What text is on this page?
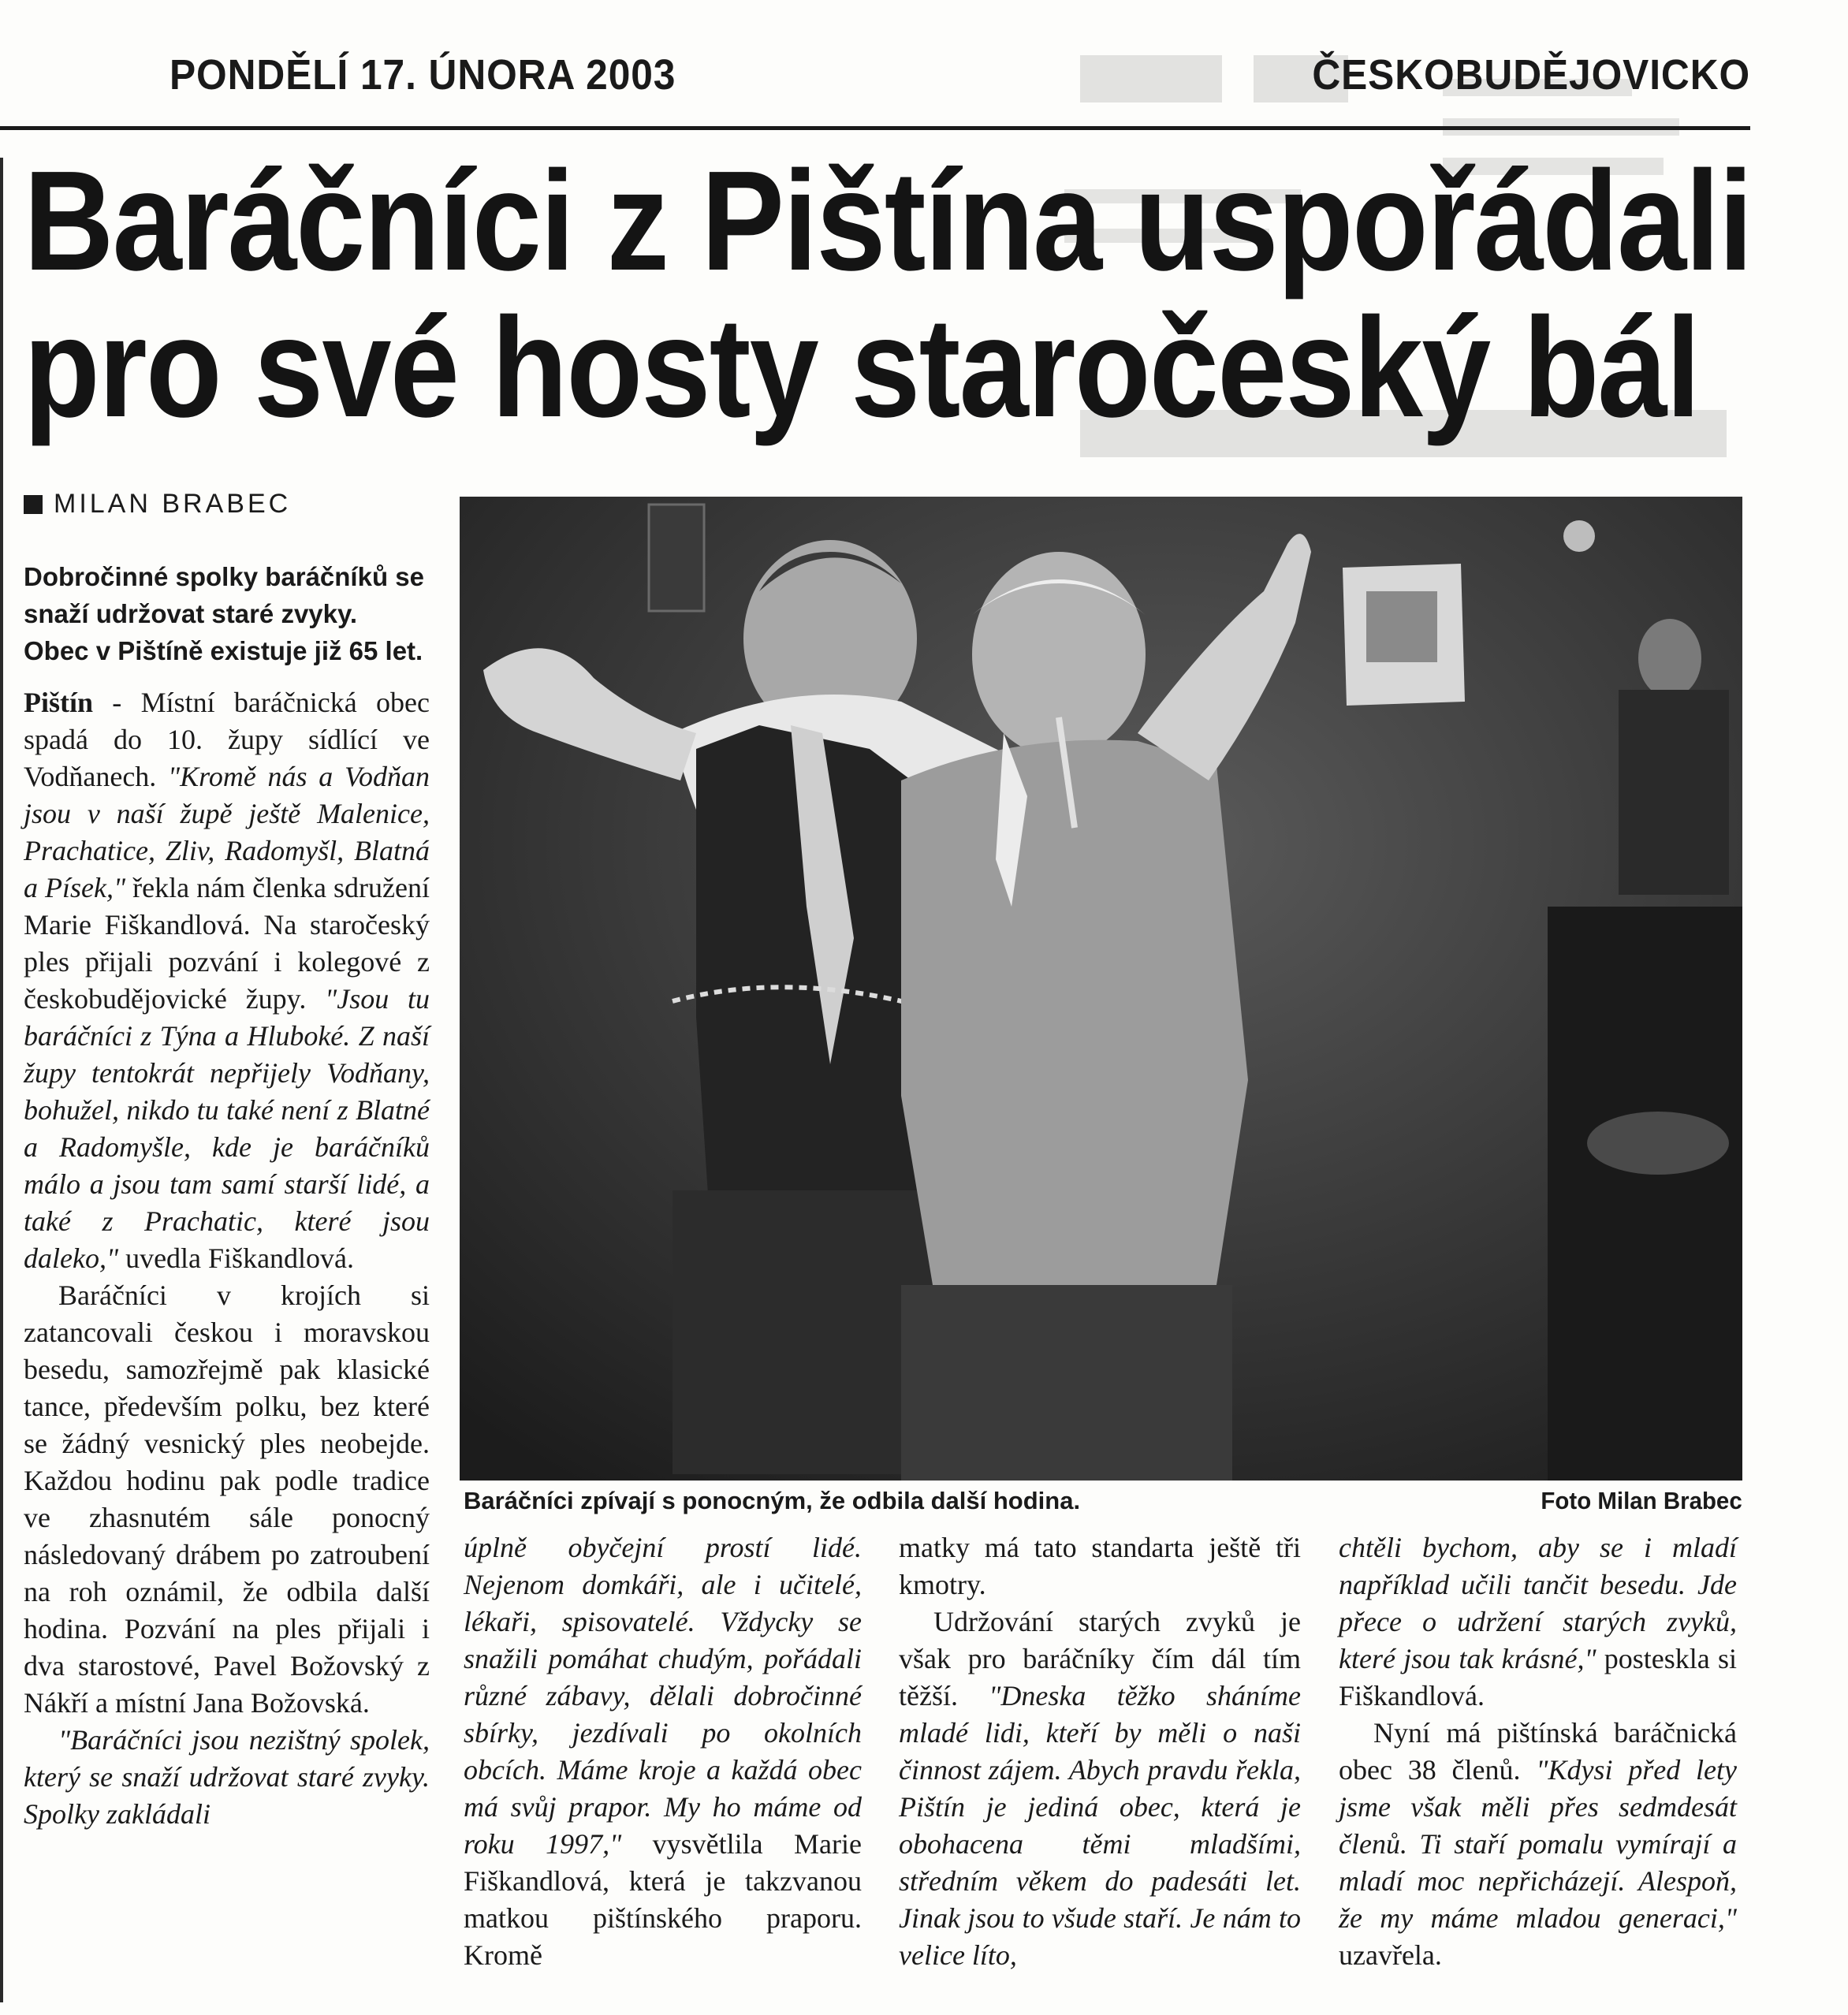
PONDĚLÍ 17. ÚNORA 2003	ČESKOBUDĚJOVICKO
Baráčníci z Pištína uspořádali
pro své hosty staročeský bál
MILAN BRABEC
Dobročinné spolky baráčníků se snaží udržovat staré zvyky. Obec v Pištíně existuje již 65 let.
Baráčníci zpívají s ponocným, že odbila další hodina.	Foto Milan Brabec

Pištín - Místní baráčnická obec spadá do 10. župy sídlící ve Vodňanech. "Kromě nás a Vodňan jsou v naší župě ještě Malenice, Prachatice, Zliv, Radomyšl, Blatná a Písek," řekla nám členka sdružení Marie Fiškandlová. Na staročeský ples přijali pozvání i kolegové z českobudějovické župy. "Jsou tu baráčníci z Týna a Hluboké. Z naší župy tentokrát nepřijely Vodňany, bohužel, nikdo tu také není z Blatné a Radomyšle, kde je baráčníků málo a jsou tam samí starší lidé, a také z Prachatic, které jsou daleko," uvedla Fiškandlová.

Baráčníci v krojích si zatancovali českou i moravskou besedu, samozřejmě pak klasické tance, především polku, bez které se žádný vesnický ples neobejde. Každou hodinu pak podle tradice ve zhasnutém sále ponocný následovaný drábem po zatroubení na roh oznámil, že odbila další hodina. Pozvání na ples přijali i dva starostové, Pavel Božovský z Nákří a místní Jana Božovská.

"Baráčníci jsou nezištný spolek, který se snaží udržovat staré zvyky. Spolky zakládali

úplně obyčejní prostí lidé. Nejenom domkáři, ale i učitelé, lékaři, spisovatelé. Vždycky se snažili pomáhat chudým, pořádali různé zábavy, dělali dobročinné sbírky, jezdívali po okolních obcích. Máme kroje a každá obec má svůj prapor. My ho máme od roku 1997," vysvětlila Marie Fiškandlová, která je takzvanou matkou pištínského praporu. Kromě

matky má tato standarta ještě tři kmotry.

Udržování starých zvyků je však pro baráčníky čím dál tím těžší. "Dneska těžko sháníme mladé lidi, kteří by měli o naši činnost zájem. Abych pravdu řekla, Pištín je jediná obec, která je obohacena těmi mladšími, středním věkem do padesáti let. Jinak jsou to všude staří. Je nám to velice líto,

chtěli bychom, aby se i mladí například učili tančit besedu. Jde přece o udržení starých zvyků, které jsou tak krásné," posteskla si Fiškandlová.

Nyní má pištínská baráčnická obec 38 členů. "Kdysi před lety jsme však měli přes sedmdesát členů. Ti staří pomalu vymírají a mladí moc nepřicházejí. Alespoň, že my máme mladou generaci," uzavřela.
